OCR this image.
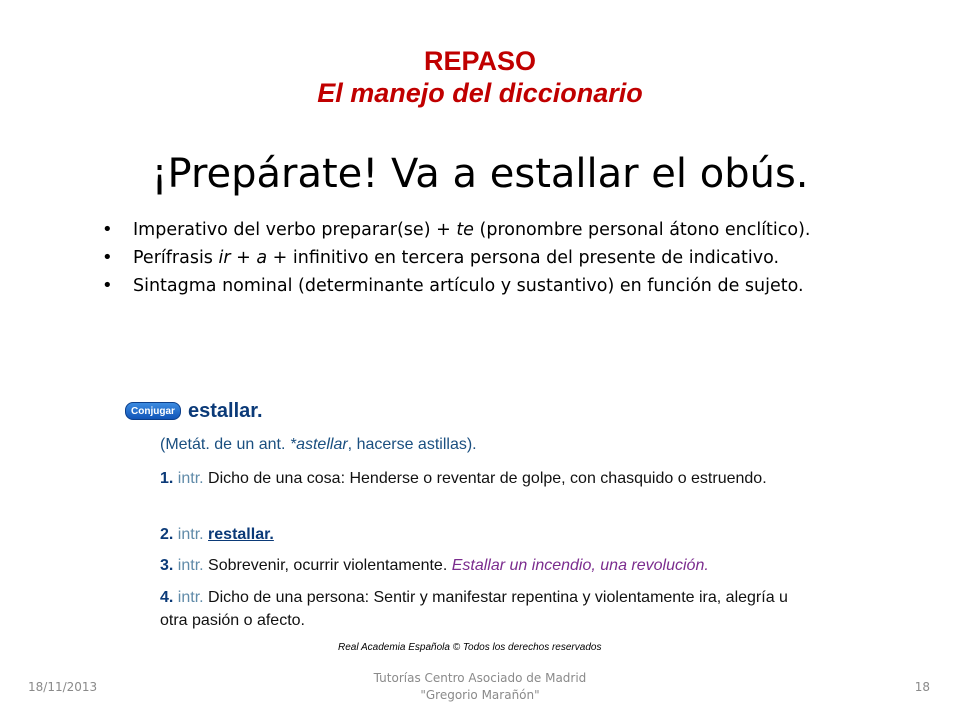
REPASO
El manejo del diccionario
¡Prepárate! Va a estallar el obús.
• Imperativo del verbo preparar(se) + te (pronombre personal átono enclítico).
• Perífrasis ir + a + infinitivo en tercera persona del presente de indicativo.
• Sintagma nominal (determinante artículo y sustantivo) en función de sujeto.
Conjugar estallar.
(Metát. de un ant. *astellar, hacerse astillas).
1. intr. Dicho de una cosa: Henderse o reventar de golpe, con chasquido o estruendo.
2. intr. restallar.
3. intr. Sobrevenir, ocurrir violentamente. Estallar un incendio, una revolución.
4. intr. Dicho de una persona: Sentir y manifestar repentina y violentamente ira, alegría u otra pasión o afecto.
Real Academia Española © Todos los derechos reservados
18/11/2013
Tutorías Centro Asociado de Madrid
"Gregorio Marañón"
18
